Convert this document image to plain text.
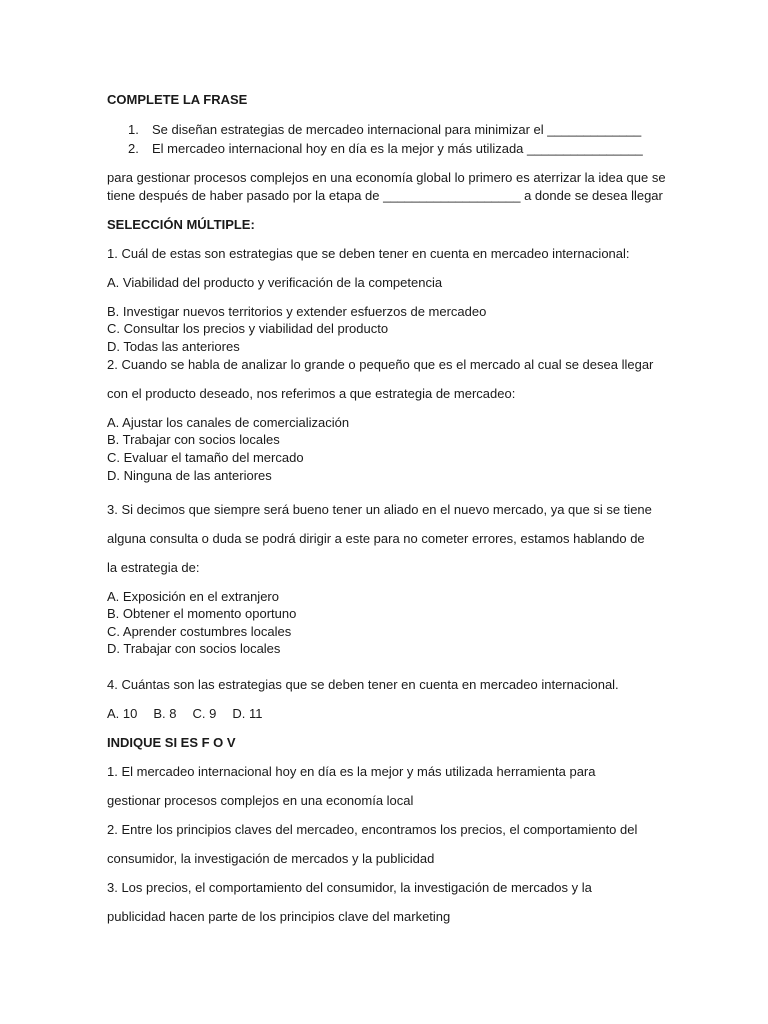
COMPLETE LA FRASE
1. Se diseñan estrategias de mercadeo internacional para minimizar el _____________
2. El mercadeo internacional hoy en día es la mejor y más utilizada ________________
para gestionar procesos complejos en una economía global lo primero es aterrizar la idea que se
tiene después de haber pasado por la etapa de ___________________ a donde se desea llegar
SELECCIÓN MÚLTIPLE:
1. Cuál de estas son estrategias que se deben tener en cuenta en mercadeo internacional:
A. Viabilidad del producto y verificación de la competencia
B. Investigar nuevos territorios y extender esfuerzos de mercadeo
C. Consultar los precios y viabilidad del producto
D. Todas las anteriores
2. Cuando se habla de analizar lo grande o pequeño que es el mercado al cual se desea llegar
con el producto deseado, nos referimos a que estrategia de mercadeo:
A. Ajustar los canales de comercialización
B. Trabajar con socios locales
C. Evaluar el tamaño del mercado
D. Ninguna de las anteriores
3. Si decimos que siempre será bueno tener un aliado en el nuevo mercado, ya que si se tiene
alguna consulta o duda se podrá dirigir a este para no cometer errores, estamos hablando de
la estrategia de:
A. Exposición en el extranjero
B. Obtener el momento oportuno
C. Aprender costumbres locales
D. Trabajar con socios locales
4. Cuántas son las estrategias que se deben tener en cuenta en mercadeo internacional.
A. 10 B. 8 C. 9 D. 11
INDIQUE SI ES F O V
1. El mercadeo internacional hoy en día es la mejor y más utilizada herramienta para
gestionar procesos complejos en una economía local
2. Entre los principios claves del mercadeo, encontramos los precios, el comportamiento del
consumidor, la investigación de mercados y la publicidad
3. Los precios, el comportamiento del consumidor, la investigación de mercados y la
publicidad hacen parte de los principios clave del marketing
